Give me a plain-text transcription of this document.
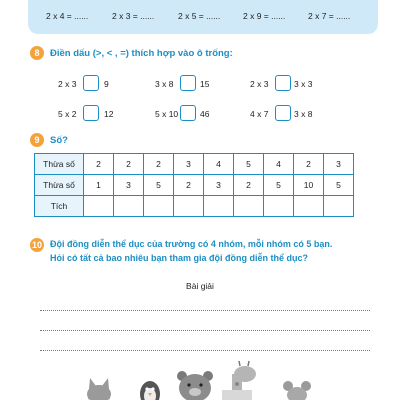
2 x 4 = ......	2 x 3 = ......	2 x 5 = ......	2 x 9 = ......	2 x 7 = ......
8	Điền dấu (>, < , =) thích hợp vào ô trống:
2 x 3	9	3 x 8	15	2 x 3	3 x 3
5 x 2	12	5 x 10	46	4 x 7	3 x 8
9	Số?
Thừa số	2	2	2	3	4	5	4	2	3
Thừa số	1	3	5	2	3	2	5	10	5
Tích									
10 Đội đồng diễn thể dục của trường có 4 nhóm, mỗi nhóm có 5 bạn.
Hỏi có tất cả bao nhiêu bạn tham gia đội đồng diễn thể dục?
Bài giải
